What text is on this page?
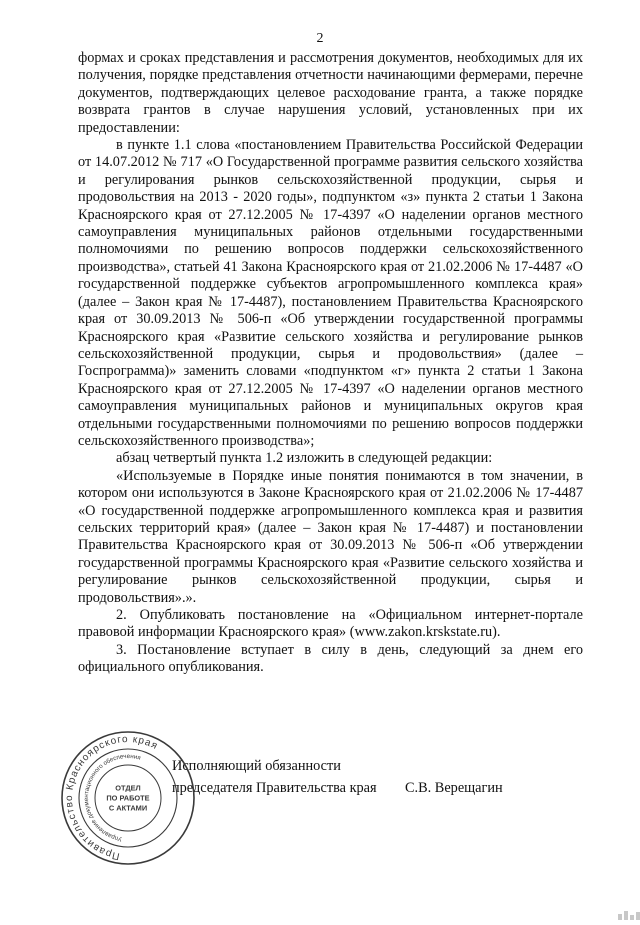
2

формах и сроках представления и рассмотрения документов, необходимых для их получения, порядке представления отчетности начинающими фермерами, перечне документов, подтверждающих целевое расходование гранта, а также порядке возврата грантов в случае нарушения условий, установленных при их предоставлении:

в пункте 1.1 слова «постановлением Правительства Российской Федерации от 14.07.2012 № 717 «О Государственной программе развития сельского хозяйства и регулирования рынков сельскохозяйственной продукции, сырья и продовольствия на 2013 - 2020 годы», подпунктом «з» пункта 2 статьи 1 Закона Красноярского края от 27.12.2005 № 17-4397 «О наделении органов местного самоуправления муниципальных районов отдельными государственными полномочиями по решению вопросов поддержки сельскохозяйственного производства», статьей 41 Закона Красноярского края от 21.02.2006 № 17-4487 «О государственной поддержке субъектов агропромышленного комплекса края» (далее – Закон края № 17-4487), постановлением Правительства Красноярского края от 30.09.2013 № 506-п «Об утверждении государственной программы Красноярского края «Развитие сельского хозяйства и регулирование рынков сельскохозяйственной продукции, сырья и продовольствия» (далее – Госпрограмма)» заменить словами «подпунктом «г» пункта 2 статьи 1 Закона Красноярского края от 27.12.2005 № 17-4397 «О наделении органов местного самоуправления муниципальных районов и муниципальных округов края отдельными государственными полномочиями по решению вопросов поддержки сельскохозяйственного производства»;

абзац четвертый пункта 1.2 изложить в следующей редакции:

«Используемые в Порядке иные понятия понимаются в том значении, в котором они используются в Законе Красноярского края от 21.02.2006 № 17-4487 «О государственной поддержке агропромышленного комплекса края и развития сельских территорий края» (далее – Закон края № 17-4487) и постановлении Правительства Красноярского края от 30.09.2013 № 506-п «Об утверждении государственной программы Красноярского края «Развитие сельского хозяйства и регулирование рынков сельскохозяйственной продукции, сырья и продовольствия».».

2. Опубликовать постановление на «Официальном интернет-портале правовой информации Красноярского края» (www.zakon.krskstate.ru).

3. Постановление вступает в силу в день, следующий за днем его официального опубликования.

Исполняющий обязанности
председателя Правительства края С.В. Верещагин
Правительство Красноярского края
Управление документационного обеспечения
ОТДЕЛ
ПО РАБОТЕ
С АКТАМИ
